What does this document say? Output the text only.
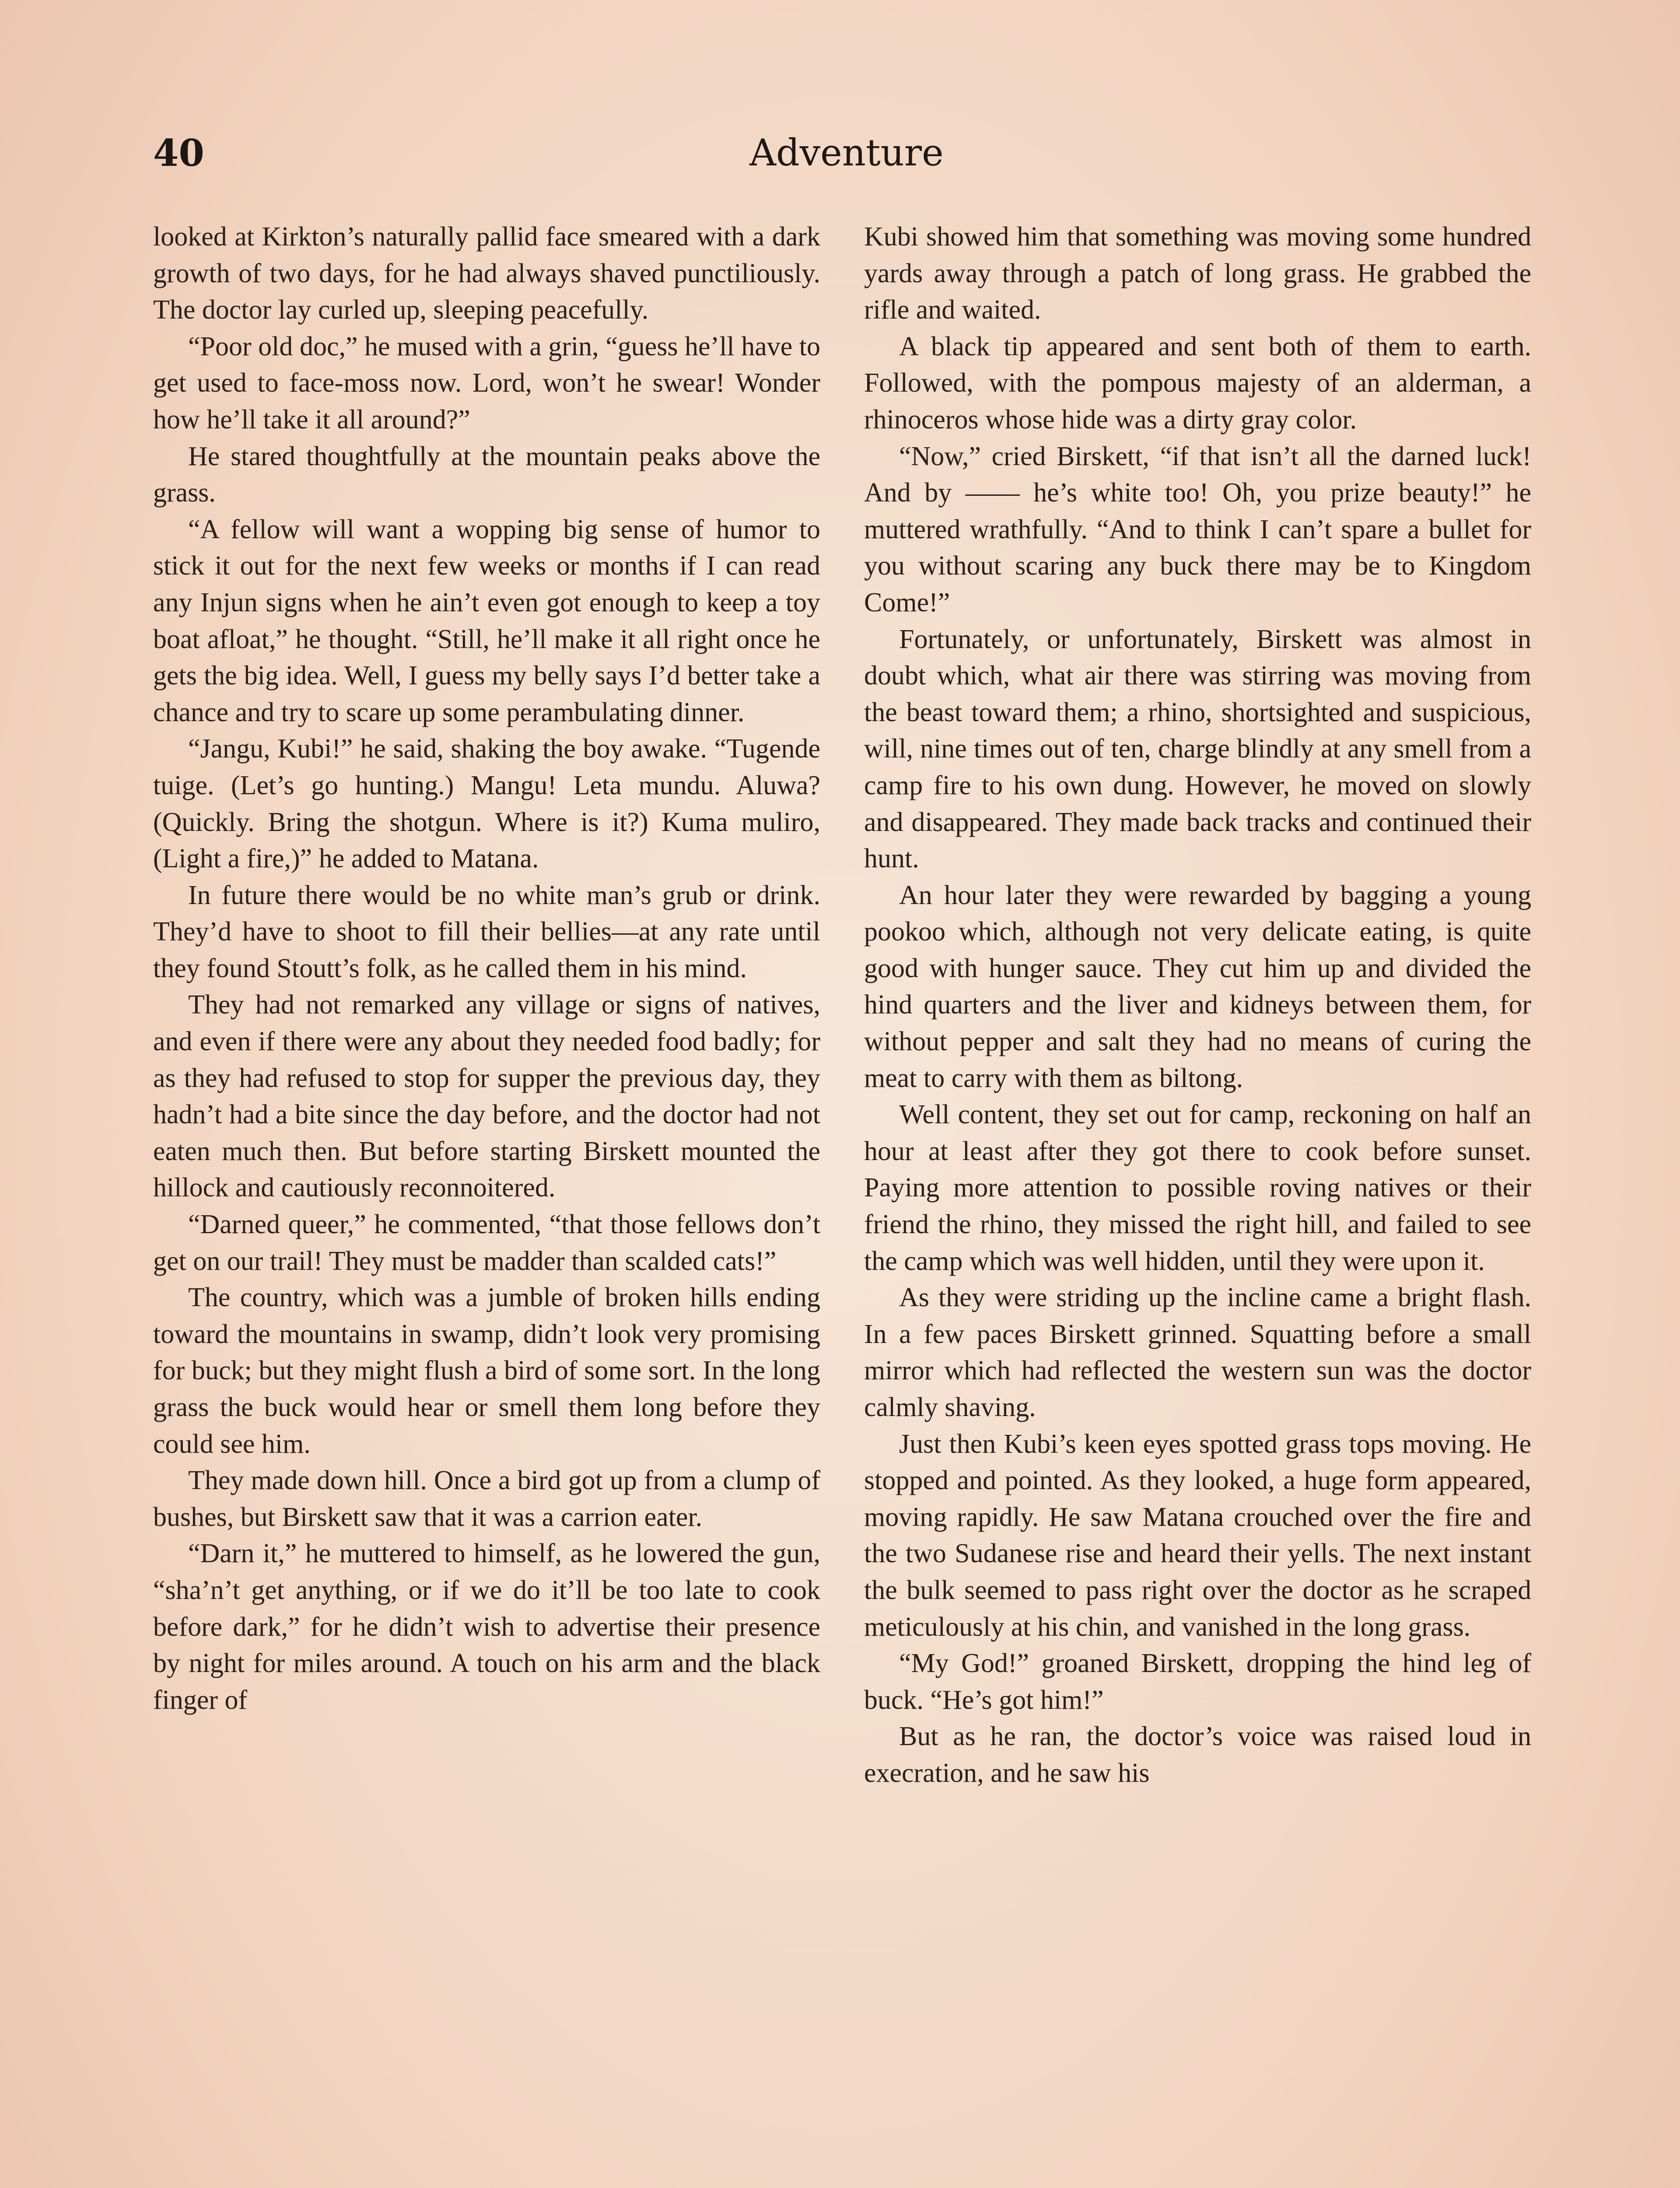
40	Adventure

looked at Kirkton’s naturally pallid face smeared with a dark growth of two days, for he had always shaved punctiliously. The doctor lay curled up, sleeping peacefully.

“Poor old doc,” he mused with a grin, “guess he’ll have to get used to face-moss now. Lord, won’t he swear! Wonder how he’ll take it all around?”

He stared thoughtfully at the mountain peaks above the grass.

“A fellow will want a wopping big sense of humor to stick it out for the next few weeks or months if I can read any Injun signs when he ain’t even got enough to keep a toy boat afloat,” he thought. “Still, he’ll make it all right once he gets the big idea. Well, I guess my belly says I’d better take a chance and try to scare up some perambulating dinner.

“Jangu, Kubi!” he said, shaking the boy awake. “Tugende tuige. (Let’s go hunting.) Mangu! Leta mundu. Aluwa? (Quickly. Bring the shotgun. Where is it?) Kuma muliro, (Light a fire,)” he added to Matana.

In future there would be no white man’s grub or drink. They’d have to shoot to fill their bellies—at any rate until they found Stoutt’s folk, as he called them in his mind.

They had not remarked any village or signs of natives, and even if there were any about they needed food badly; for as they had refused to stop for supper the previous day, they hadn’t had a bite since the day before, and the doctor had not eaten much then. But before starting Birskett mounted the hillock and cautiously reconnoitered.

“Darned queer,” he commented, “that those fellows don’t get on our trail! They must be madder than scalded cats!”

The country, which was a jumble of broken hills ending toward the mountains in swamp, didn’t look very promising for buck; but they might flush a bird of some sort. In the long grass the buck would hear or smell them long before they could see him.

They made down hill. Once a bird got up from a clump of bushes, but Birskett saw that it was a carrion eater.

“Darn it,” he muttered to himself, as he lowered the gun, “sha’n’t get anything, or if we do it’ll be too late to cook before dark,” for he didn’t wish to advertise their presence by night for miles around. A touch on his arm and the black finger of

Kubi showed him that something was moving some hundred yards away through a patch of long grass. He grabbed the rifle and waited.

A black tip appeared and sent both of them to earth. Followed, with the pompous majesty of an alderman, a rhinoceros whose hide was a dirty gray color.

“Now,” cried Birskett, “if that isn’t all the darned luck! And by —— he’s white too! Oh, you prize beauty!” he muttered wrathfully. “And to think I can’t spare a bullet for you without scaring any buck there may be to Kingdom Come!”

Fortunately, or unfortunately, Birskett was almost in doubt which, what air there was stirring was moving from the beast toward them; a rhino, shortsighted and suspicious, will, nine times out of ten, charge blindly at any smell from a camp fire to his own dung. However, he moved on slowly and disappeared. They made back tracks and continued their hunt.

An hour later they were rewarded by bagging a young pookoo which, although not very delicate eating, is quite good with hunger sauce. They cut him up and divided the hind quarters and the liver and kidneys between them, for without pepper and salt they had no means of curing the meat to carry with them as biltong.

Well content, they set out for camp, reckoning on half an hour at least after they got there to cook before sunset. Paying more attention to possible roving natives or their friend the rhino, they missed the right hill, and failed to see the camp which was well hidden, until they were upon it.

As they were striding up the incline came a bright flash. In a few paces Birskett grinned. Squatting before a small mirror which had reflected the western sun was the doctor calmly shaving.

Just then Kubi’s keen eyes spotted grass tops moving. He stopped and pointed. As they looked, a huge form appeared, moving rapidly. He saw Matana crouched over the fire and the two Sudanese rise and heard their yells. The next instant the bulk seemed to pass right over the doctor as he scraped meticulously at his chin, and vanished in the long grass.

“My God!” groaned Birskett, dropping the hind leg of buck. “He’s got him!”

But as he ran, the doctor’s voice was raised loud in execration, and he saw his
